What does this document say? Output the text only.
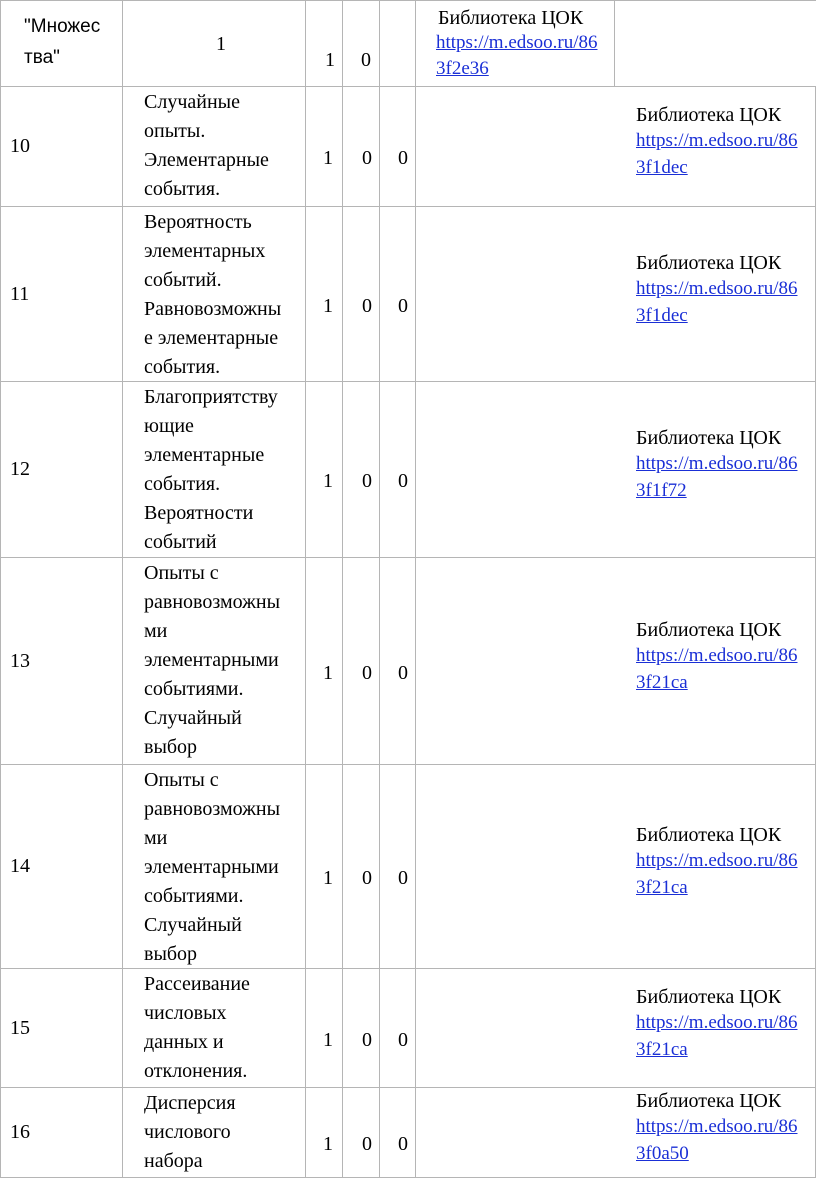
"Множес
тва"
1
1 0
Библиотека ЦОК
https://m.edsoo.ru/86
3f2e36
10
Случайные
опыты.
Элементарные
события.
1 0 0
Библиотека ЦОК
https://m.edsoo.ru/86
3f1dec
11
Вероятность
элементарных
событий.
Равновозможны
е элементарные
события.
1 0 0
Библиотека ЦОК
https://m.edsoo.ru/86
3f1dec
12
Благоприятству
ющие
элементарные
события.
Вероятности
событий
1 0 0
Библиотека ЦОК
https://m.edsoo.ru/86
3f1f72
13
Опыты с
равновозможны
ми
элементарными
событиями.
Случайный
выбор
1 0 0
Библиотека ЦОК
https://m.edsoo.ru/86
3f21ca
14
Опыты с
равновозможны
ми
элементарными
событиями.
Случайный
выбор
1 0 0
Библиотека ЦОК
https://m.edsoo.ru/86
3f21ca
15
Рассеивание
числовых
данных и
отклонения.
1 0 0
Библиотека ЦОК
https://m.edsoo.ru/86
3f21ca
16
Дисперсия
числового
набора
1 0 0
Библиотека ЦОК
https://m.edsoo.ru/86
3f0a50
